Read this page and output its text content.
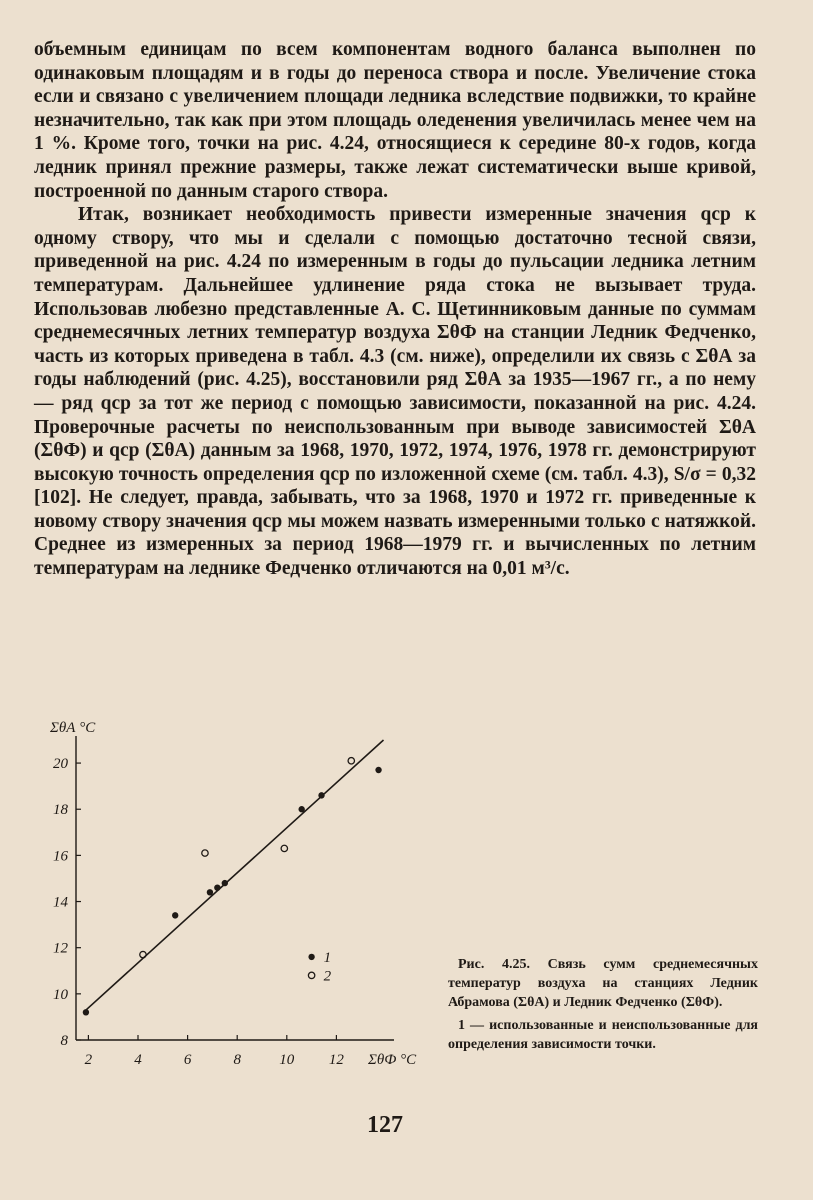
объемным единицам по всем компонентам водного баланса выполнен по одинаковым площадям и в годы до переноса створа и после. Увеличение стока если и связано с увеличением площади ледника вследствие подвижки, то крайне незначительно, так как при этом площадь оледенения увеличилась менее чем на 1 %. Кроме того, точки на рис. 4.24, относящиеся к середине 80-х годов, когда ледник принял прежние размеры, также лежат систематически выше кривой, построенной по данным старого створа.

Итак, возникает необходимость привести измеренные значения qср к одному створу, что мы и сделали с помощью достаточно тесной связи, приведенной на рис. 4.24 по измеренным в годы до пульсации ледника летним температурам. Дальнейшее удлинение ряда стока не вызывает труда. Использовав любезно представленные А. С. Щетинниковым данные по суммам среднемесячных летних температур воздуха ΣθФ на станции Ледник Федченко, часть из которых приведена в табл. 4.3 (см. ниже), определили их связь с ΣθА за годы наблюдений (рис. 4.25), восстановили ряд ΣθА за 1935—1967 гг., а по нему — ряд qср за тот же период с помощью зависимости, показанной на рис. 4.24. Проверочные расчеты по неиспользованным при выводе зависимостей ΣθА (ΣθФ) и qср (ΣθА) данным за 1968, 1970, 1972, 1974, 1976, 1978 гг. демонстрируют высокую точность определения qср по изложенной схеме (см. табл. 4.3), S/σ = 0,32 [102]. Не следует, правда, забывать, что за 1968, 1970 и 1972 гг. приведенные к новому створу значения qср мы можем назвать измеренными только с натяжкой. Среднее из измеренных за период 1968—1979 гг. и вычисленных по летним температурам на леднике Федченко отличаются на 0,01 м³/с.

2	4	6	8	10 12
8
10
12
14
16
18
20
1
2
ΣθФ °C
ΣθА °C

Рис. 4.25. Связь сумм среднемесячных температур воздуха на станциях Ледник Абрамова (ΣθА) и Ледник Федченко (ΣθФ).

1 — использованные и неиспользованные для определения зависимости точки.

127
